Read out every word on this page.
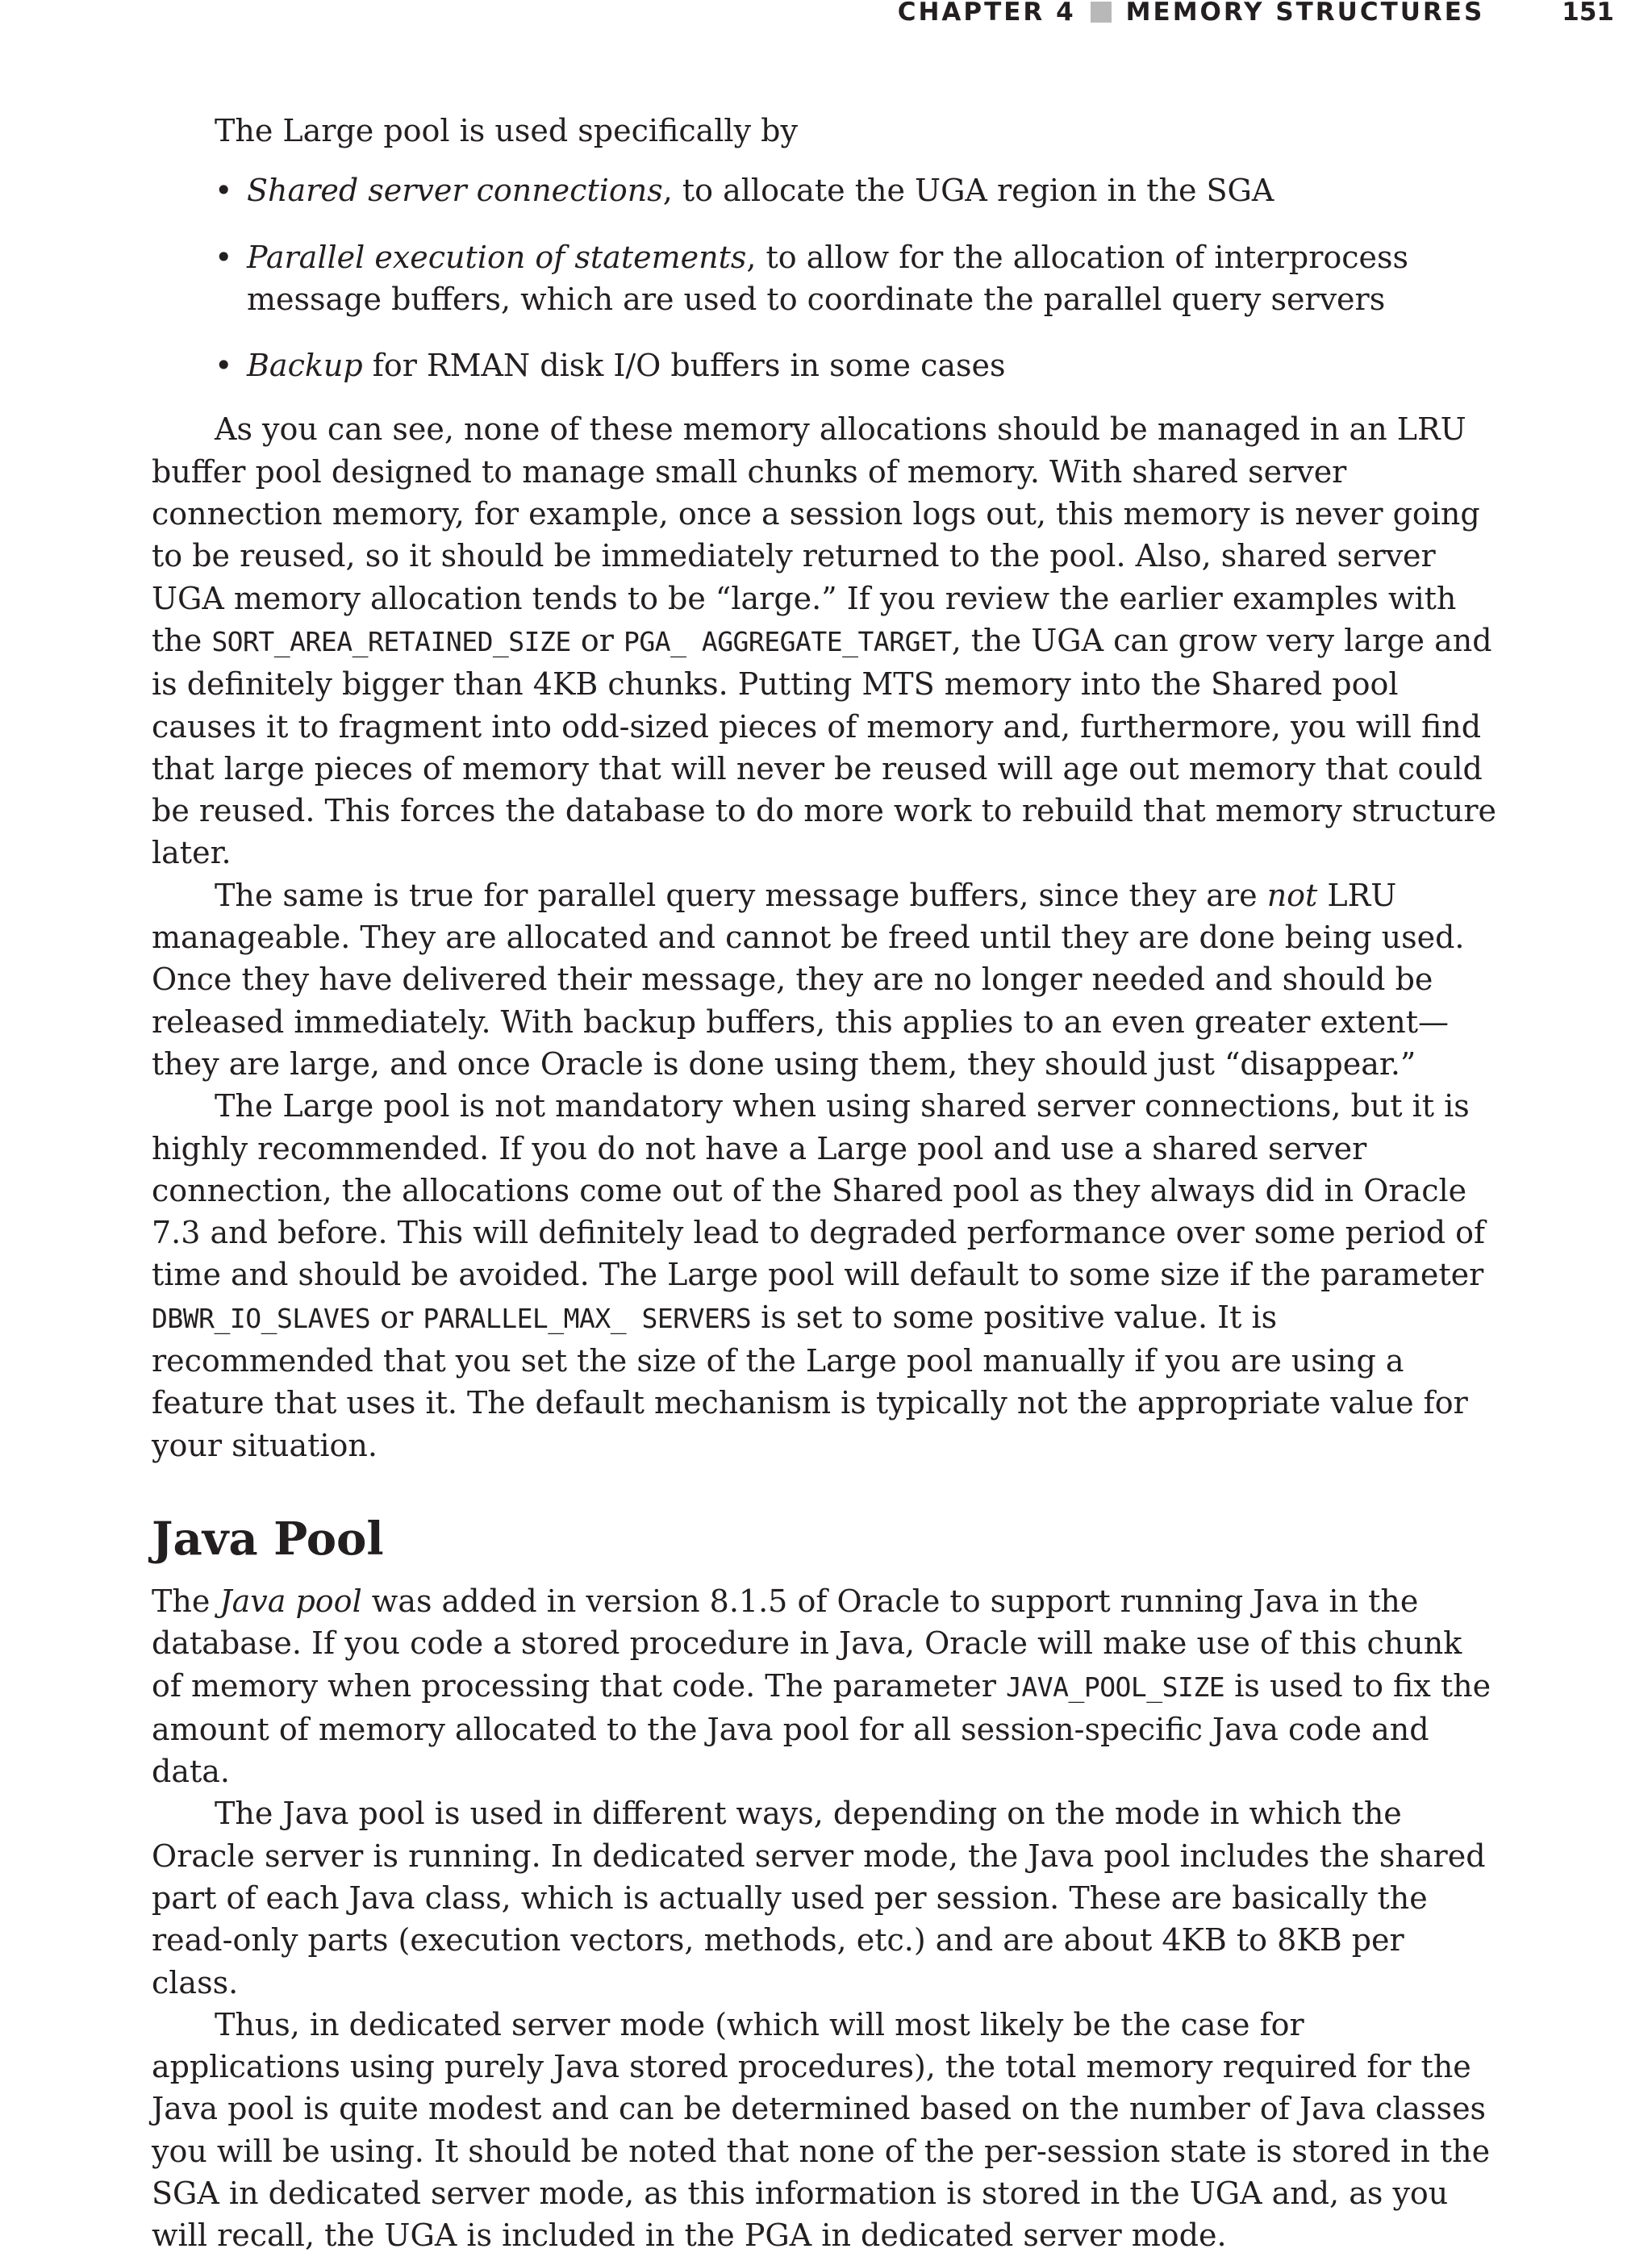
CHAPTER 4 MEMORY STRUCTURES	151

The Large pool is used specifically by

• Shared server connections, to allocate the UGA region in the SGA
• Parallel execution of statements, to allow for the allocation of interprocess message buffers, which are used to coordinate the parallel query servers
• Backup for RMAN disk I/O buffers in some cases

As you can see, none of these memory allocations should be managed in an LRU buffer pool designed to manage small chunks of memory. With shared server connection memory, for example, once a session logs out, this memory is never going to be reused, so it should be immediately returned to the pool. Also, shared server UGA memory allocation tends to be “large.” If you review the earlier examples with the SORT_AREA_RETAINED_SIZE or PGA_ AGGREGATE_TARGET, the UGA can grow very large and is definitely bigger than 4KB chunks. Putting MTS memory into the Shared pool causes it to fragment into odd-sized pieces of memory and, furthermore, you will find that large pieces of memory that will never be reused will age out memory that could be reused. This forces the database to do more work to rebuild that memory structure later.

The same is true for parallel query message buffers, since they are not LRU manageable. They are allocated and cannot be freed until they are done being used. Once they have delivered their message, they are no longer needed and should be released immediately. With backup buffers, this applies to an even greater extent—they are large, and once Oracle is done using them, they should just “disappear.”

The Large pool is not mandatory when using shared server connections, but it is highly recommended. If you do not have a Large pool and use a shared server connection, the allocations come out of the Shared pool as they always did in Oracle 7.3 and before. This will definitely lead to degraded performance over some period of time and should be avoided. The Large pool will default to some size if the parameter DBWR_IO_SLAVES or PARALLEL_MAX_ SERVERS is set to some positive value. It is recommended that you set the size of the Large pool manually if you are using a feature that uses it. The default mechanism is typically not the appropriate value for your situation.

Java Pool

The Java pool was added in version 8.1.5 of Oracle to support running Java in the database. If you code a stored procedure in Java, Oracle will make use of this chunk of memory when processing that code. The parameter JAVA_POOL_SIZE is used to fix the amount of memory allocated to the Java pool for all session-specific Java code and data.

The Java pool is used in different ways, depending on the mode in which the Oracle server is running. In dedicated server mode, the Java pool includes the shared part of each Java class, which is actually used per session. These are basically the read-only parts (execution vectors, methods, etc.) and are about 4KB to 8KB per class.

Thus, in dedicated server mode (which will most likely be the case for applications using purely Java stored procedures), the total memory required for the Java pool is quite modest and can be determined based on the number of Java classes you will be using. It should be noted that none of the per-session state is stored in the SGA in dedicated server mode, as this information is stored in the UGA and, as you will recall, the UGA is included in the PGA in dedicated server mode.
